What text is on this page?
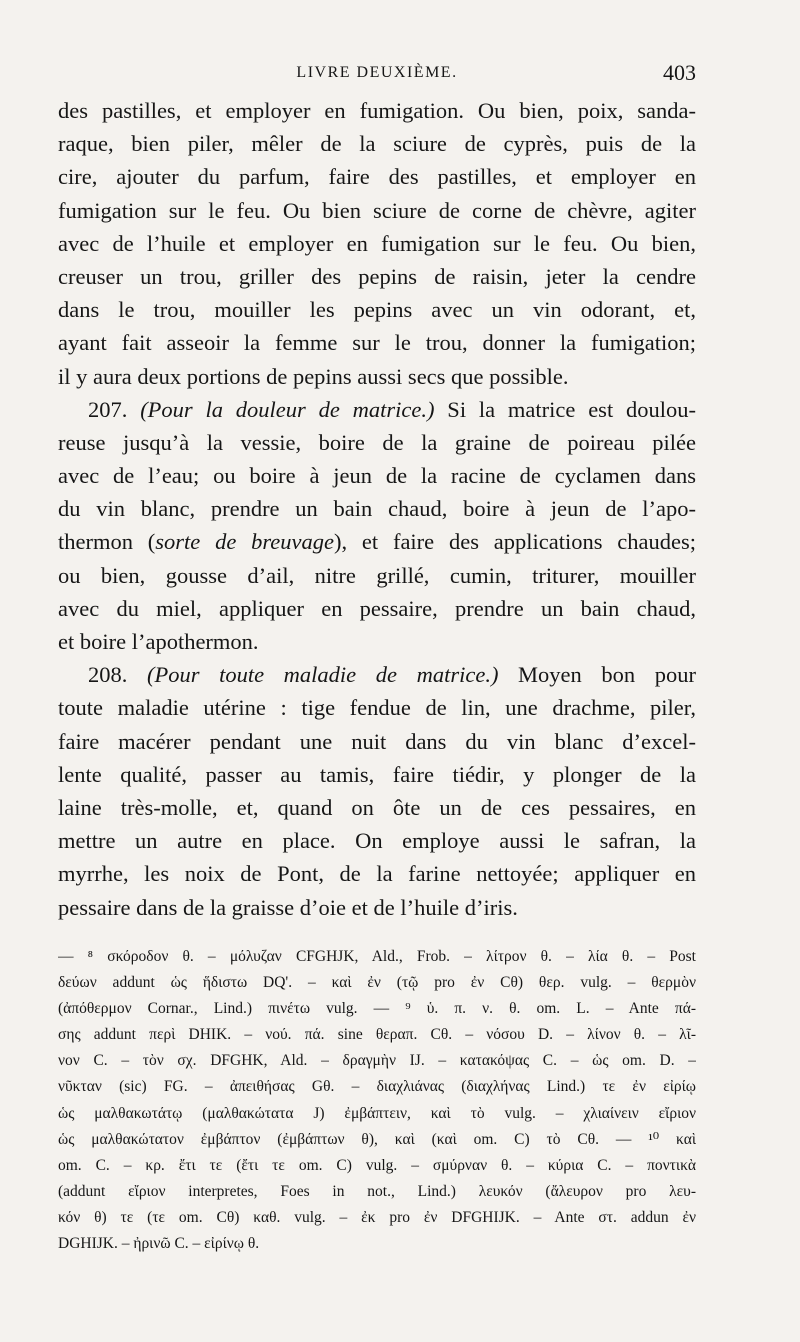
LIVRE DEUXIÈME.	403
des pastilles, et employer en fumigation. Ou bien, poix, sanda-
raque, bien piler, mêler de la sciure de cyprès, puis de la
cire, ajouter du parfum, faire des pastilles, et employer en
fumigation sur le feu. Ou bien sciure de corne de chèvre, agiter
avec de l’huile et employer en fumigation sur le feu. Ou bien,
creuser un trou, griller des pepins de raisin, jeter la cendre
dans le trou, mouiller les pepins avec un vin odorant, et,
ayant fait asseoir la femme sur le trou, donner la fumigation;
il y aura deux portions de pepins aussi secs que possible.
207. (Pour la douleur de matrice.) Si la matrice est doulou-
reuse jusqu’à la vessie, boire de la graine de poireau pilée
avec de l’eau; ou boire à jeun de la racine de cyclamen dans
du vin blanc, prendre un bain chaud, boire à jeun de l’apo-
thermon (sorte de breuvage), et faire des applications chaudes;
ou bien, gousse d’ail, nitre grillé, cumin, triturer, mouiller
avec du miel, appliquer en pessaire, prendre un bain chaud,
et boire l’apothermon.
208. (Pour toute maladie de matrice.) Moyen bon pour
toute maladie utérine : tige fendue de lin, une drachme, piler,
faire macérer pendant une nuit dans du vin blanc d’excel-
lente qualité, passer au tamis, faire tiédir, y plonger de la
laine très-molle, et, quand on ôte un de ces pessaires, en
mettre un autre en place. On employe aussi le safran, la
myrrhe, les noix de Pont, de la farine nettoyée; appliquer en
pessaire dans de la graisse d’oie et de l’huile d’iris.
— ⁸ σκόροδον θ. – μόλυζαν CFGHJK, Ald., Frob. – λίτρον θ. – λία θ. – Post
δεύων addunt ὡς ἥδιστω DQ'. – καὶ ἐν (τῷ pro ἐν Cθ) θερ. vulg. – θερμὸν
(ἀπόθερμον Cornar., Lind.) πινέτω vulg. — ⁹ ὑ. π. ν. θ. om. L. – Ante πά-
σης addunt περὶ DHIK. – νού. πά. sine θεραπ. Cθ. – νόσου D. – λίνον θ. – λῖ-
νον C. – τὸν σχ. DFGHK, Ald. – δραγμὴν IJ. – κατακόψας C. – ὡς om. D. –
νῦκταν (sic) FG. – ἀπειθήσας Gθ. – διαχλιάνας (διαχλήνας Lind.) τε ἐν εἰρίῳ
ὡς μαλθακωτάτῳ (μαλθακώτατα J) ἐμβάπτειν, καὶ τὸ vulg. – χλιαίνειν εἴριον
ὡς μαλθακώτατον ἐμβάπτον (ἐμβάπτων θ), καὶ (καὶ om. C) τὸ Cθ. — ¹⁰ καὶ
om. C. – κρ. ἔτι τε (ἔτι τε om. C) vulg. – σμύρναν θ. – κύρια C. – ποντικὰ
(addunt εἴριον interpretes, Foes in not., Lind.) λευκόν (ἄλευρον pro λευ-
κόν θ) τε (τε om. Cθ) καθ. vulg. – ἐκ pro ἐν DFGHIJK. – Ante στ. addun ἐν
DGHIJK. – ἠρινῶ C. – εἰρίνῳ θ.
